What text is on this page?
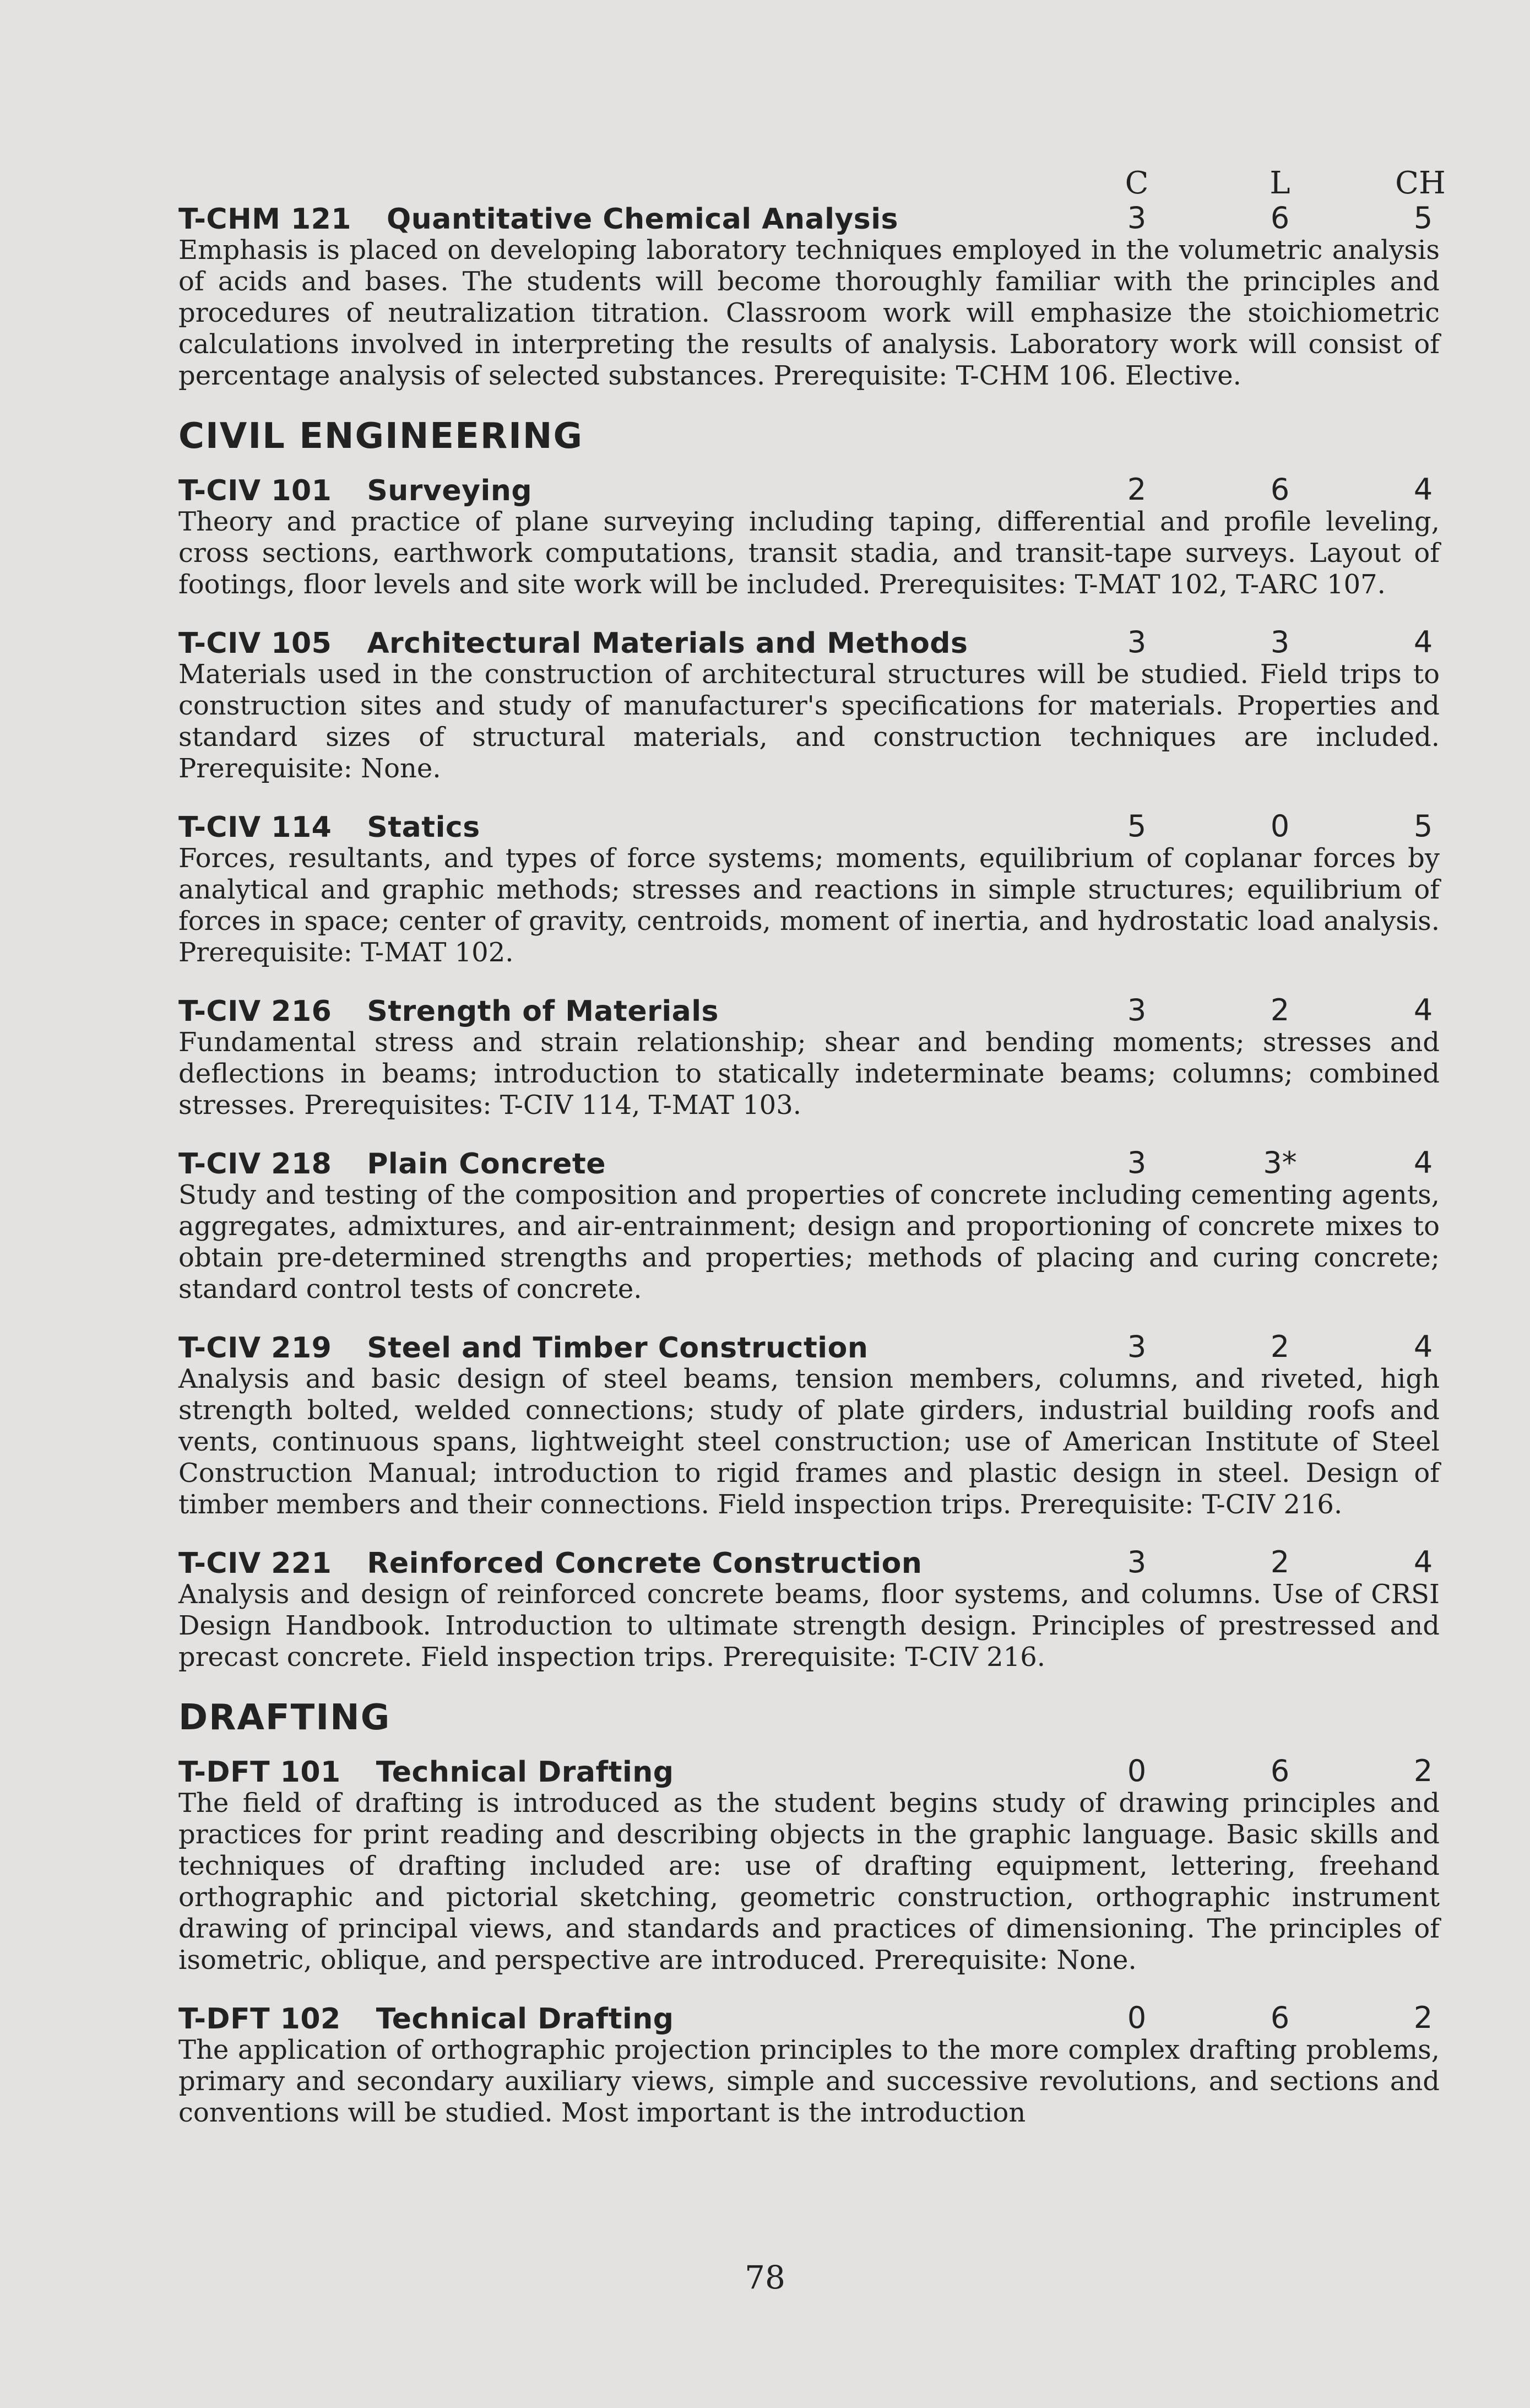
C	L	CH
T-CHM 121 Quantitative Chemical Analysis	3	6	5

Emphasis is placed on developing laboratory techniques employed in the volumetric analysis of acids and bases. The students will become thoroughly familiar with the principles and procedures of neutralization titration. Classroom work will emphasize the stoichiometric calculations involved in interpreting the results of analysis. Laboratory work will consist of percentage analysis of selected substances. Prerequisite: T-CHM 106. Elective.

CIVIL ENGINEERING
T-CIV 101 Surveying	2	6	4

Theory and practice of plane surveying including taping, differential and profile leveling, cross sections, earthwork computations, transit stadia, and transit-tape surveys. Layout of footings, floor levels and site work will be included. Prerequisites: T-MAT 102, T-ARC 107.

T-CIV 105 Architectural Materials and Methods	3	3	4

Materials used in the construction of architectural structures will be studied. Field trips to construction sites and study of manufacturer's specifications for materials. Properties and standard sizes of structural materials, and construction techniques are included. Prerequisite: None.

T-CIV 114 Statics	5	0	5

Forces, resultants, and types of force systems; moments, equilibrium of coplanar forces by analytical and graphic methods; stresses and reactions in simple structures; equilibrium of forces in space; center of gravity, centroids, moment of inertia, and hydrostatic load analysis. Prerequisite: T-MAT 102.

T-CIV 216 Strength of Materials	3	2	4

Fundamental stress and strain relationship; shear and bending moments; stresses and deflections in beams; introduction to statically indeterminate beams; columns; combined stresses. Prerequisites: T-CIV 114, T-MAT 103.

T-CIV 218 Plain Concrete	3	3*	4

Study and testing of the composition and properties of concrete including cementing agents, aggregates, admixtures, and air-entrainment; design and proportioning of concrete mixes to obtain pre-determined strengths and properties; methods of placing and curing concrete; standard control tests of concrete.

T-CIV 219 Steel and Timber Construction	3	2	4

Analysis and basic design of steel beams, tension members, columns, and riveted, high strength bolted, welded connections; study of plate girders, industrial building roofs and vents, continuous spans, lightweight steel construction; use of American Institute of Steel Construction Manual; introduction to rigid frames and plastic design in steel. Design of timber members and their connections. Field inspection trips. Prerequisite: T-CIV 216.

T-CIV 221 Reinforced Concrete Construction	3	2	4

Analysis and design of reinforced concrete beams, floor systems, and columns. Use of CRSI Design Handbook. Introduction to ultimate strength design. Principles of prestressed and precast concrete. Field inspection trips. Prerequisite: T-CIV 216.

DRAFTING
T-DFT 101 Technical Drafting	0	6	2

The field of drafting is introduced as the student begins study of drawing principles and practices for print reading and describing objects in the graphic language. Basic skills and techniques of drafting included are: use of drafting equipment, lettering, freehand orthographic and pictorial sketching, geometric construction, orthographic instrument drawing of principal views, and standards and practices of dimensioning. The principles of isometric, oblique, and perspective are introduced. Prerequisite: None.

T-DFT 102 Technical Drafting	0	6	2

The application of orthographic projection principles to the more complex drafting problems, primary and secondary auxiliary views, simple and successive revolutions, and sections and conventions will be studied. Most important is the introduction

78
